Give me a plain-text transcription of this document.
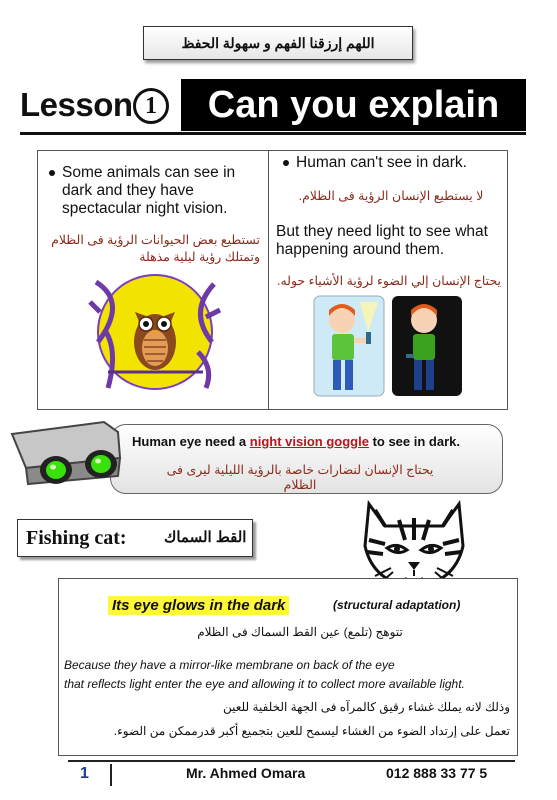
اللهم إرزقنا الفهم و سهولة الحفظ
Lesson 1	Can you explain
Some animals can see in dark and they have spectacular night vision.
تستطيع بعض الحيوانات الرؤية فى الظلام وتمتلك رؤية ليلية مذهلة
Human can't see in dark.
لا يستطيع الإنسان الرؤية فى الظلام.
But they need light to see what happening around them.
يحتاج الإنسان إلي الضوء لرؤية الأشياء حوله.
Human eye need a night vision goggle to see in dark.
يحتاج الإنسان لنضارات خاصة بالرؤية الليلية ليرى فى الظلام
Fishing cat: القط السماك
Its eye glows in the dark	(structural adaptation)
تتوهج (تلمع) عين القط السماك فى الظلام
Because they have a mirror-like membrane on back of the eye
that reflects light enter the eye and allowing it to collect more available light.
وذلك لانه يملك غشاء رقيق كالمرآه فى الجهة الخلفية للعين
تعمل على إرتداد الضوء من الغشاء ليسمح للعين بتجميع أكبر قدرممكن من الضوء.
1	Mr. Ahmed Omara	012 888 33 77 5
